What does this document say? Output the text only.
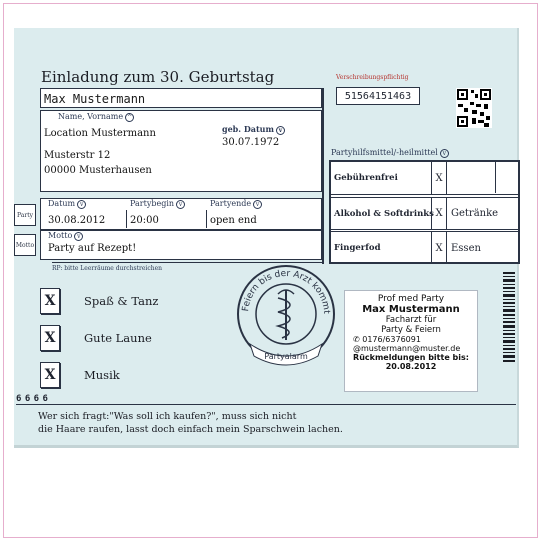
Einladung zum 30. Geburtstag
Max Mustermann
Name, Vorname ^
Location Mustermann
Musterstr 12
00000 Musterhausen
geb. Datum v
30.07.1972
Party
Motto
Datum v	Partybegin v	Partyende v
30.08.2012 20:00	open end
Motto v
Party auf Rezept!
RP: bitte Leerräume durchstreichen
Verschreibungspflichtig
51564151463
Partyhilfsmittel/-heilmittel v
Gebührenfrei	X
Alkohol & Softdrinks X Getränke
Fingerfod	X Essen
X	Spaß & Tanz
X	Gute Laune
X	Musik
Feiern bis der Arzt kommt
Partyalarm
Prof med Party
Max Mustermann
Facharzt für
Party & Feiern
✆ 0176/6376091
@mustermann@muster.de
Rückmeldungen bitte bis:
20.08.2012
6 6 6 6
Wer sich fragt:"Was soll ich kaufen?", muss sich nicht
die Haare raufen, lasst doch einfach mein Sparschwein lachen.
